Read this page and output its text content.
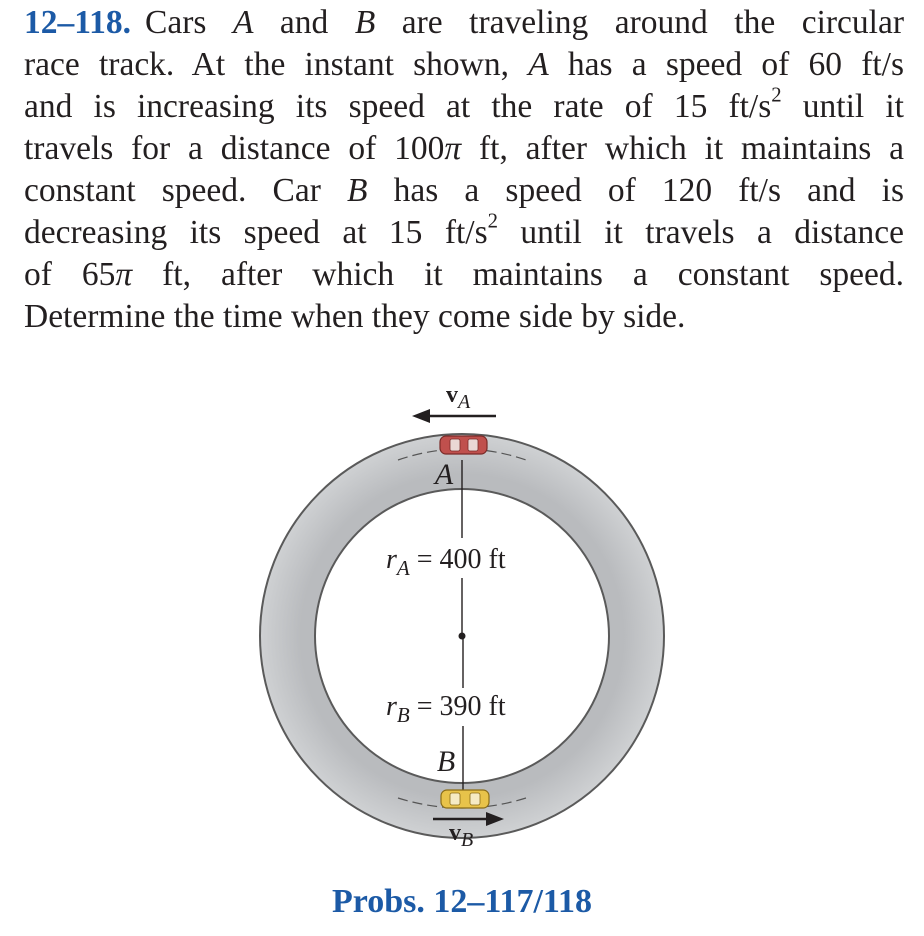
12–118. Cars A and B are traveling around the circular
race track. At the instant shown, A has a speed of 60 ft/s
and is increasing its speed at the rate of 15 $ft/s^2$ until it
travels for a distance of 100π ft, after which it maintains a
constant speed. Car B has a speed of 120 ft/s and is
decreasing its speed at 15 $ft/s^2$ until it travels a distance
of 65π ft, after which it maintains a constant speed.
Determine the time when they come side by side.
$v_A$
$v_B$
A
B
$r_A = 400$ ft
$r_B = 390$ ft
Probs. 12–117/118
